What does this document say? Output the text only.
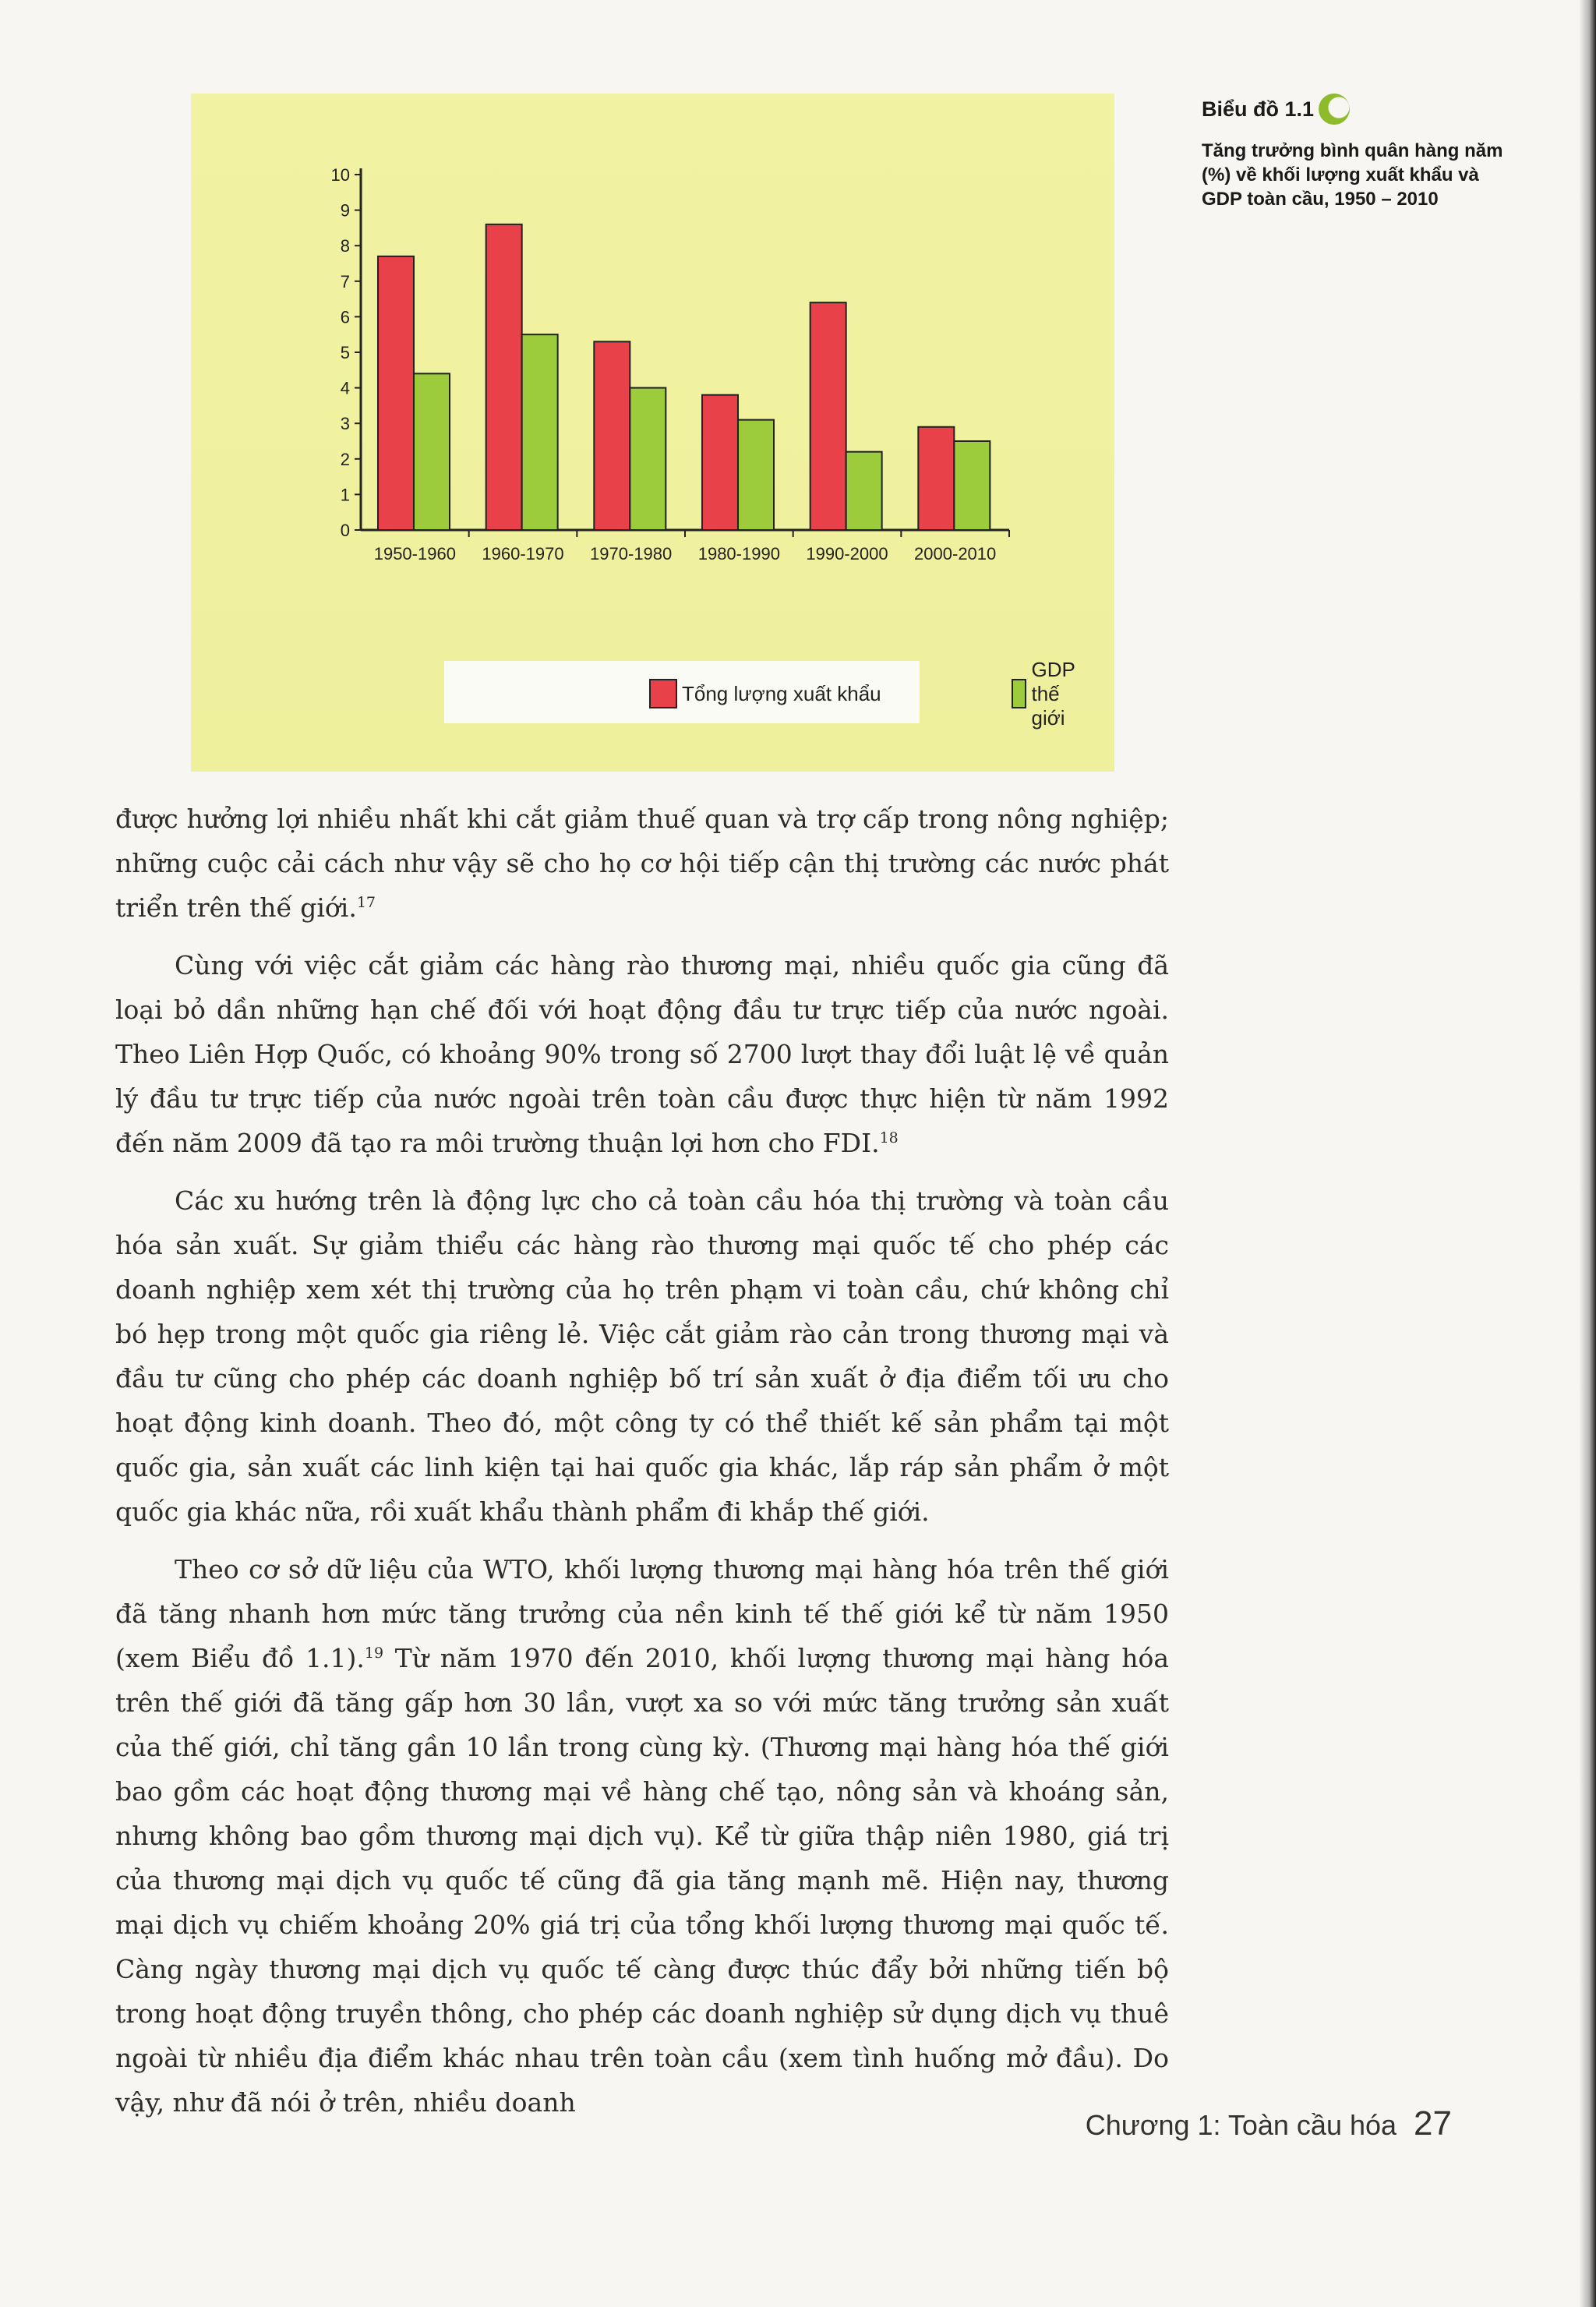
0
1
2
3
4
5
6
7
8
9
10
1950-1960 1960-1970 1970-1980 1980-1990 1990-2000 2000-2010
Tổng lượng xuất khẩu
GDP thế giới
Biểu đồ 1.1
Tăng trưởng bình quân hàng năm (%) về khối lượng xuất khẩu và GDP toàn cầu, 1950 – 2010

được hưởng lợi nhiều nhất khi cắt giảm thuế quan và trợ cấp trong nông nghiệp; những cuộc cải cách như vậy sẽ cho họ cơ hội tiếp cận thị trường các nước phát triển trên thế giới.$^{17}$

Cùng với việc cắt giảm các hàng rào thương mại, nhiều quốc gia cũng đã loại bỏ dần những hạn chế đối với hoạt động đầu tư trực tiếp của nước ngoài. Theo Liên Hợp Quốc, có khoảng 90% trong số 2700 lượt thay đổi luật lệ về quản lý đầu tư trực tiếp của nước ngoài trên toàn cầu được thực hiện từ năm 1992 đến năm 2009 đã tạo ra môi trường thuận lợi hơn cho FDI.$^{18}$

Các xu hướng trên là động lực cho cả toàn cầu hóa thị trường và toàn cầu hóa sản xuất. Sự giảm thiểu các hàng rào thương mại quốc tế cho phép các doanh nghiệp xem xét thị trường của họ trên phạm vi toàn cầu, chứ không chỉ bó hẹp trong một quốc gia riêng lẻ. Việc cắt giảm rào cản trong thương mại và đầu tư cũng cho phép các doanh nghiệp bố trí sản xuất ở địa điểm tối ưu cho hoạt động kinh doanh. Theo đó, một công ty có thể thiết kế sản phẩm tại một quốc gia, sản xuất các linh kiện tại hai quốc gia khác, lắp ráp sản phẩm ở một quốc gia khác nữa, rồi xuất khẩu thành phẩm đi khắp thế giới.

Theo cơ sở dữ liệu của WTO, khối lượng thương mại hàng hóa trên thế giới đã tăng nhanh hơn mức tăng trưởng của nền kinh tế thế giới kể từ năm 1950 (xem Biểu đồ 1.1).$^{19}$ Từ năm 1970 đến 2010, khối lượng thương mại hàng hóa trên thế giới đã tăng gấp hơn 30 lần, vượt xa so với mức tăng trưởng sản xuất của thế giới, chỉ tăng gần 10 lần trong cùng kỳ. (Thương mại hàng hóa thế giới bao gồm các hoạt động thương mại về hàng chế tạo, nông sản và khoáng sản, nhưng không bao gồm thương mại dịch vụ). Kể từ giữa thập niên 1980, giá trị của thương mại dịch vụ quốc tế cũng đã gia tăng mạnh mẽ. Hiện nay, thương mại dịch vụ chiếm khoảng 20% giá trị của tổng khối lượng thương mại quốc tế. Càng ngày thương mại dịch vụ quốc tế càng được thúc đẩy bởi những tiến bộ trong hoạt động truyền thông, cho phép các doanh nghiệp sử dụng dịch vụ thuê ngoài từ nhiều địa điểm khác nhau trên toàn cầu (xem tình huống mở đầu). Do vậy, như đã nói ở trên, nhiều doanh

Chương 1: Toàn cầu hóa 27
